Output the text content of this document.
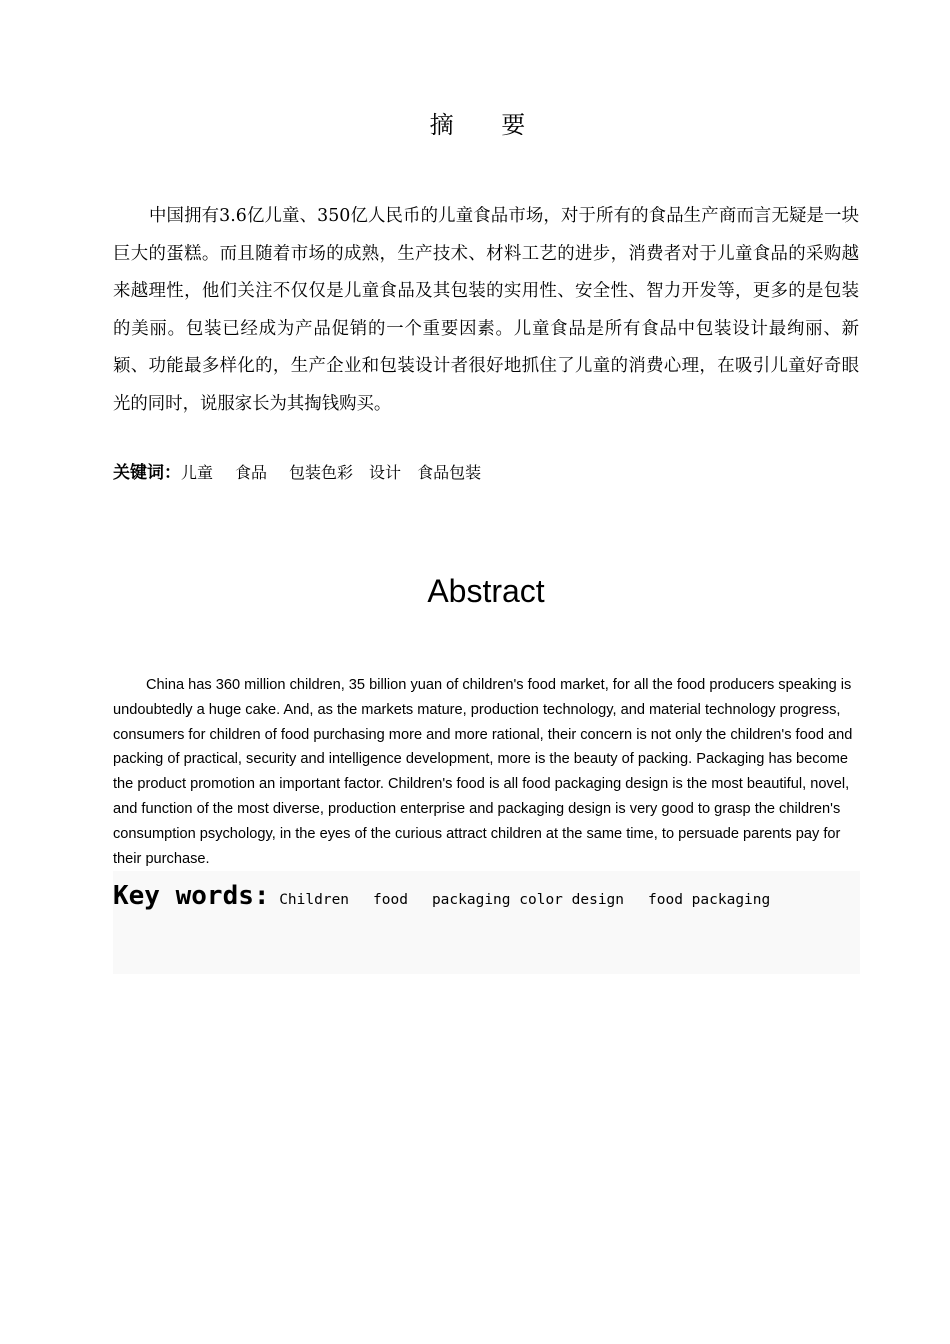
摘 要
中国拥有3.6亿儿童、350亿人民币的儿童食品市场，对于所有的食品生产商而言无疑是一块巨大的蛋糕。而且随着市场的成熟，生产技术、材料工艺的进步，消费者对于儿童食品的采购越来越理性，他们关注不仅仅是儿童食品及其包装的实用性、安全性、智力开发等，更多的是包装的美丽。包装已经成为产品促销的一个重要因素。儿童食品是所有食品中包装设计最绚丽、新颖、功能最多样化的，生产企业和包装设计者很好地抓住了儿童的消费心理，在吸引儿童好奇眼光的同时，说服家长为其掏钱购买。
关键词：儿童 食品 包装色彩 设计 食品包装
Abstract
China has 360 million children, 35 billion yuan of children's food market, for all the food producers speaking is undoubtedly a huge cake. And, as the markets mature, production technology, and material technology progress, consumers for children of food purchasing more and more rational, their concern is not only the children's food and packing of practical, security and intelligence development, more is the beauty of packing. Packaging has become the product promotion an important factor. Children's food is all food packaging design is the most beautiful, novel, and function of the most diverse, production enterprise and packaging design is very good to grasp the children's consumption psychology, in the eyes of the curious attract children at the same time, to persuade parents pay for their purchase.
Key words: Children food packaging color design food packaging
